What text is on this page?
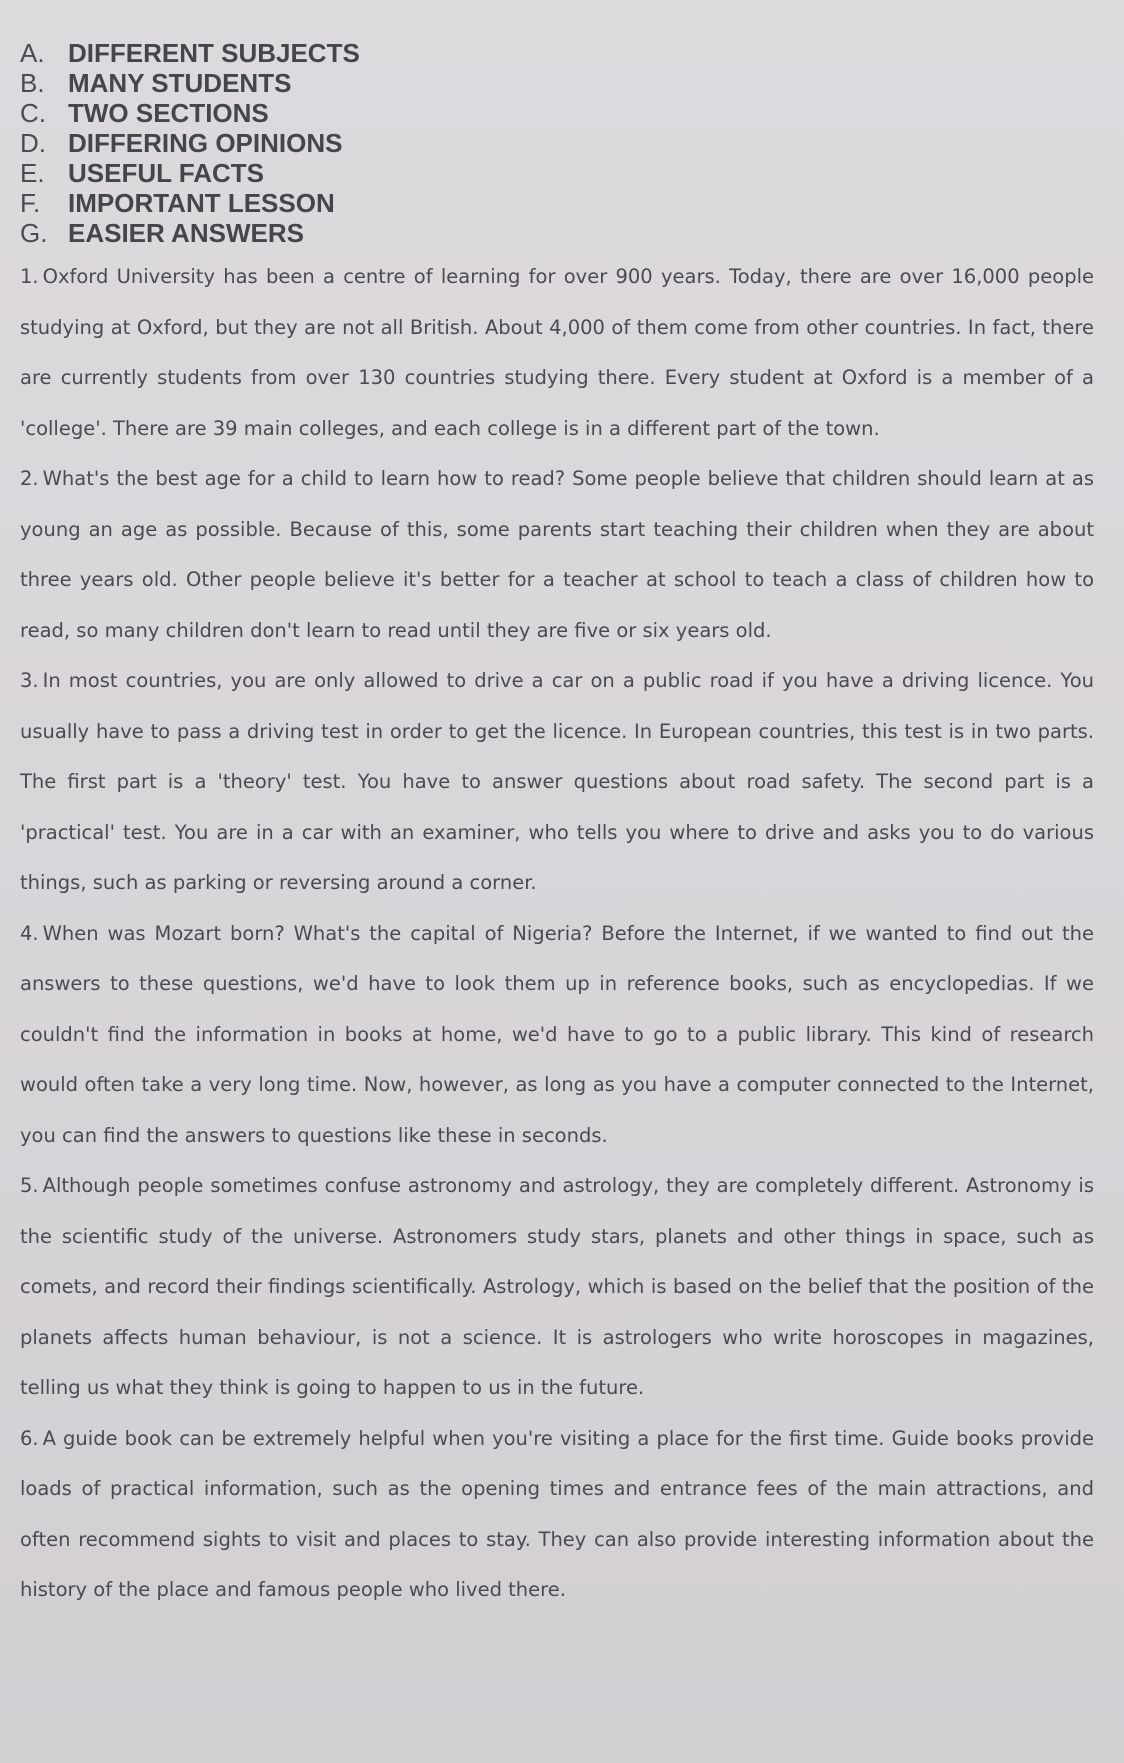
A. DIFFERENT SUBJECTS
B. MANY STUDENTS
C. TWO SECTIONS
D. DIFFERING OPINIONS
E. USEFUL FACTS
F.	IMPORTANT LESSON
G. EASIER ANSWERS

1. Oxford University has been a centre of learning for over 900 years. Today, there are over 16,000 people studying at Oxford, but they are not all British. About 4,000 of them come from other countries. In fact, there are currently students from over 130 countries studying there. Every student at Oxford is a member of a 'college'. There are 39 main colleges, and each college is in a different part of the town.

2. What's the best age for a child to learn how to read? Some people believe that children should learn at as young an age as possible. Because of this, some parents start teaching their children when they are about three years old. Other people believe it's better for a teacher at school to teach a class of children how to read, so many children don't learn to read until they are five or six years old.

3. In most countries, you are only allowed to drive a car on a public road if you have a driving licence. You usually have to pass a driving test in order to get the licence. In European countries, this test is in two parts. The first part is a 'theory' test. You have to answer questions about road safety. The second part is a 'practical' test. You are in a car with an examiner, who tells you where to drive and asks you to do various things, such as parking or reversing around a corner.

4. When was Mozart born? What's the capital of Nigeria? Before the Internet, if we wanted to find out the answers to these questions, we'd have to look them up in reference books, such as encyclopedias. If we couldn't find the information in books at home, we'd have to go to a public library. This kind of research would often take a very long time. Now, however, as long as you have a computer connected to the Internet, you can find the answers to questions like these in seconds.

5. Although people sometimes confuse astronomy and astrology, they are completely different. Astronomy is the scientific study of the universe. Astronomers study stars, planets and other things in space, such as comets, and record their findings scientifically. Astrology, which is based on the belief that the position of the planets affects human behaviour, is not a science. It is astrologers who write horoscopes in magazines, telling us what they think is going to happen to us in the future.

6. A guide book can be extremely helpful when you're visiting a place for the first time. Guide books provide loads of practical information, such as the opening times and entrance fees of the main attractions, and often recommend sights to visit and places to stay. They can also provide interesting information about the history of the place and famous people who lived there.
